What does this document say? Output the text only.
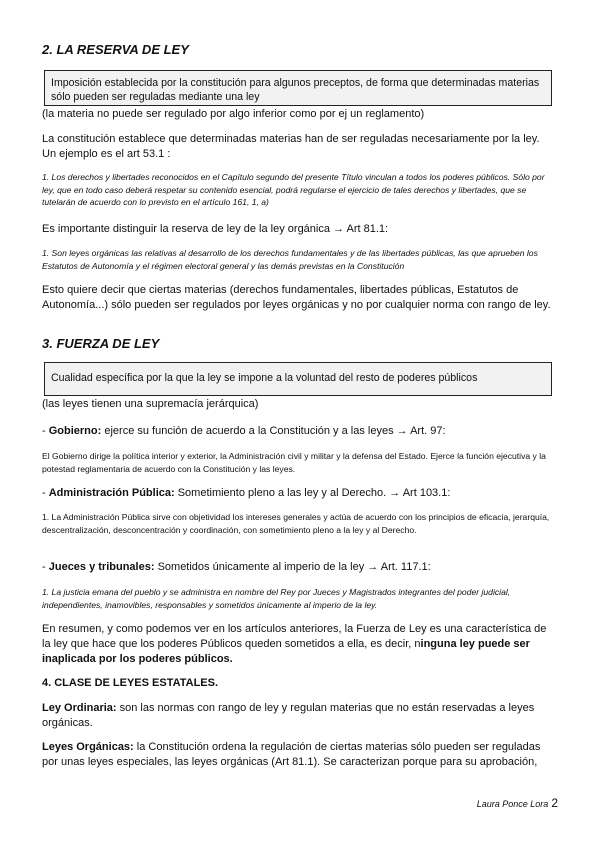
2. LA RESERVA DE LEY
Imposición establecida por la constitución para algunos preceptos, de forma que determinadas materias sólo pueden ser reguladas mediante una ley
(la materia no puede ser regulado por algo inferior como por ej un reglamento)
La constitución establece que determinadas materias han de ser reguladas necesariamente por la ley. Un ejemplo es el art 53.1 :
1. Los derechos y libertades reconocidos en el Capítulo segundo del presente Título vinculan a todos los poderes públicos. Sólo por ley, que en todo caso deberá respetar su contenido esencial, podrá regularse el ejercicio de tales derechos y libertades, que se tutelarán de acuerdo con lo previsto en el artículo 161, 1, a)
Es importante distinguir la reserva de ley de la ley orgánica → Art 81.1:
1. Son leyes orgánicas las relativas al desarrollo de los derechos fundamentales y de las libertades públicas, las que aprueben los Estatutos de Autonomía y el régimen electoral general y las demás previstas en la Constitución
Esto quiere decir que ciertas materias (derechos fundamentales, libertades públicas, Estatutos de Autonomía...) sólo pueden ser regulados por leyes orgánicas y no por cualquier norma con rango de ley.
3. FUERZA DE LEY
Cualidad específica por la que la ley se impone a la voluntad del resto de poderes públicos
(las leyes tienen una supremacía jerárquica)
- Gobierno: ejerce su función de acuerdo a la Constitución y a las leyes → Art. 97:
El Gobierno dirige la política interior y exterior, la Administración civil y militar y la defensa del Estado. Ejerce la función ejecutiva y la potestad reglamentaria de acuerdo con la Constitución y las leyes.
- Administración Pública: Sometimiento pleno a las ley y al Derecho. → Art 103.1:
1. La Administración Pública sirve con objetividad los intereses generales y actúa de acuerdo con los principios de eficacia, jerarquía, descentralización, desconcentración y coordinación, con sometimiento pleno a la ley y al Derecho.
- Jueces y tribunales: Sometidos únicamente al imperio de la ley → Art. 117.1:
1. La justicia emana del pueblo y se administra en nombre del Rey por Jueces y Magistrados integrantes del poder judicial, independientes, inamovibles, responsables y sometidos únicamente al imperio de la ley.
En resumen, y como podemos ver en los artículos anteriores, la Fuerza de Ley es una característica de la ley que hace que los poderes Públicos queden sometidos a ella, es decir, ninguna ley puede ser inaplicada por los poderes públicos.
4. CLASE DE LEYES ESTATALES.
Ley Ordinaria: son las normas con rango de ley y regulan materias que no están reservadas a leyes orgánicas.
Leyes Orgánicas: la Constitución ordena la regulación de ciertas materias sólo pueden ser reguladas por unas leyes especiales, las leyes orgánicas (Art 81.1). Se caracterizan porque para su aprobación,
Laura Ponce Lora 2
